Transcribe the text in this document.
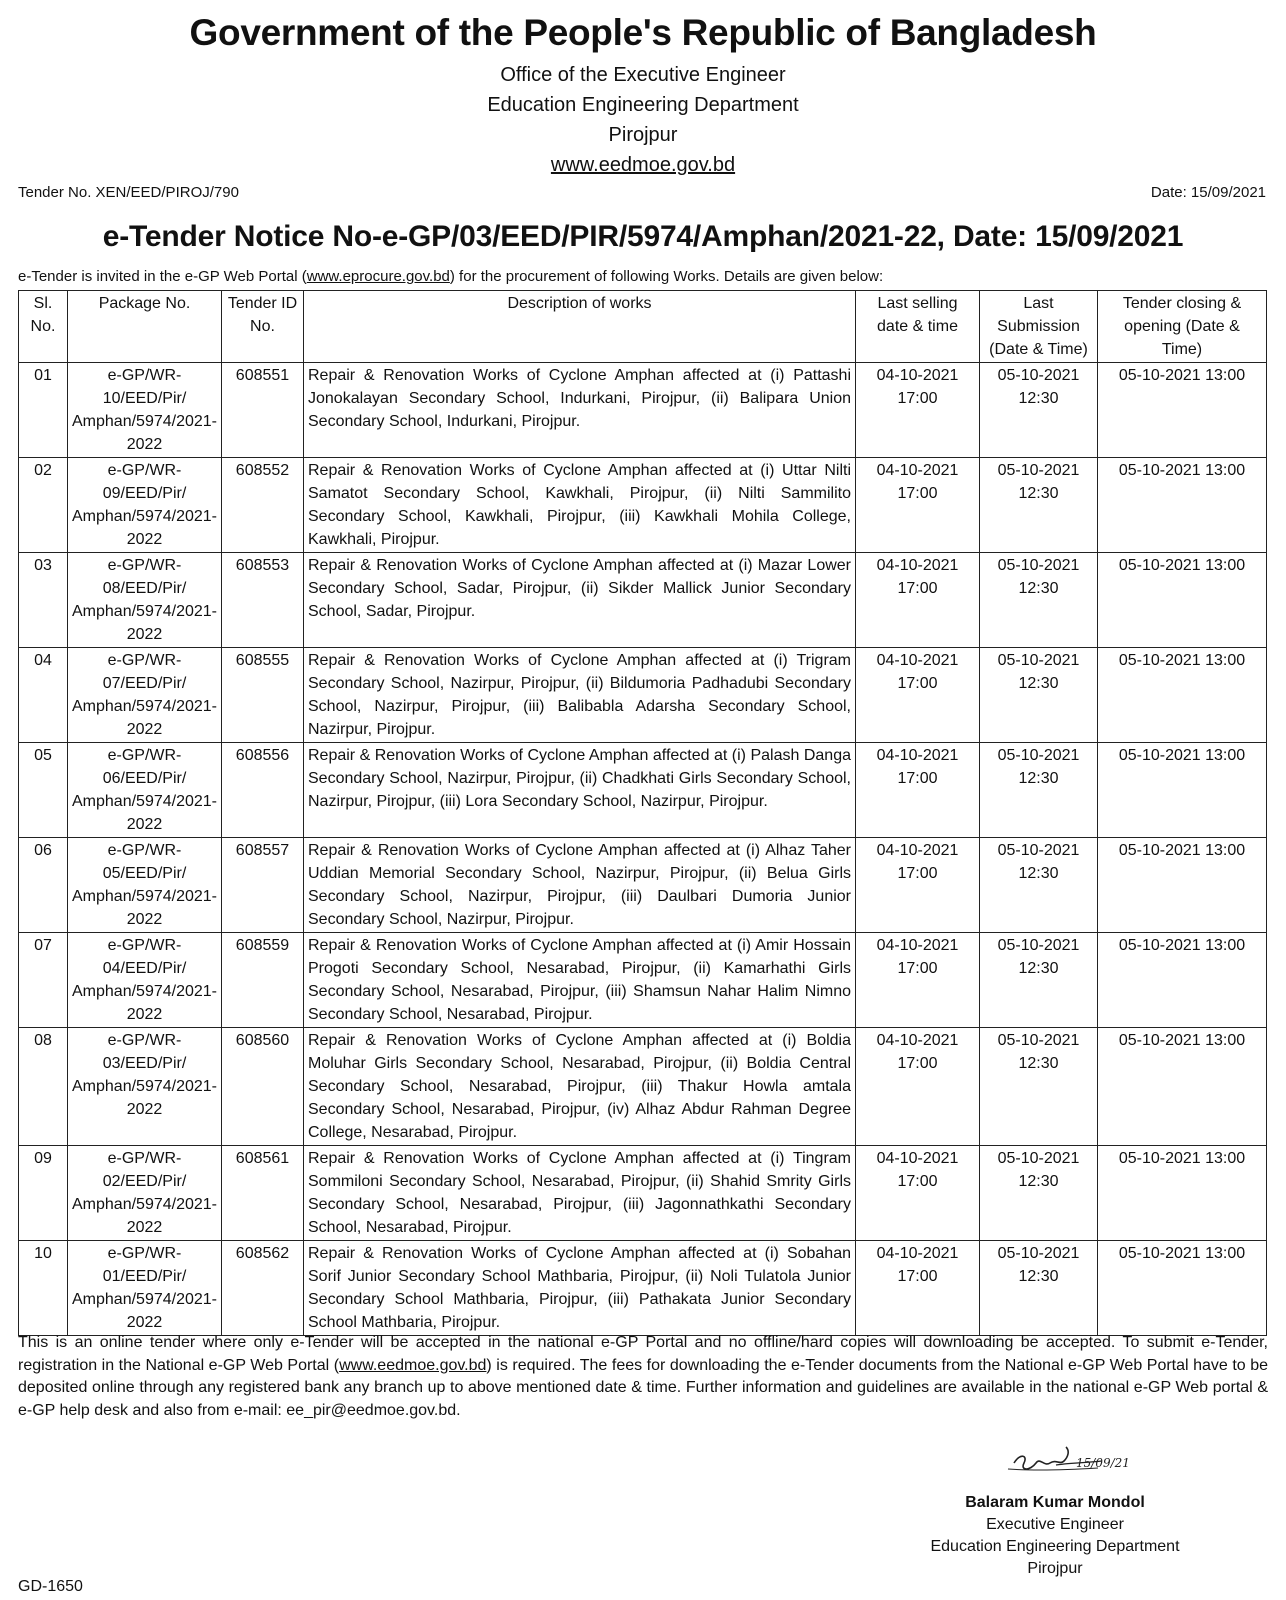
Government of the People's Republic of Bangladesh
Office of the Executive Engineer
Education Engineering Department
Pirojpur
www.eedmoe.gov.bd
Tender No. XEN/EED/PIROJ/790	Date: 15/09/2021
e-Tender Notice No-e-GP/03/EED/PIR/5974/Amphan/2021-22, Date: 15/09/2021
e-Tender is invited in the e-GP Web Portal (www.eprocure.gov.bd) for the procurement of following Works. Details are given below:
Sl. No.	Package No.	Tender ID No.	Description of works	Last selling date & time	Last Submission (Date & Time)	Tender closing & opening (Date & Time)
01	e-GP/WR-10/EED/Pir/ Amphan/5974/2021-2022	608551	Repair & Renovation Works of Cyclone Amphan affected at (i) Pattashi Jonokalayan Secondary School, Indurkani, Pirojpur, (ii) Balipara Union Secondary School, Indurkani, Pirojpur.	04-10-2021 17:00	05-10-2021 12:30	05-10-2021 13:00
02	e-GP/WR-09/EED/Pir/ Amphan/5974/2021-2022	608552	Repair & Renovation Works of Cyclone Amphan affected at (i) Uttar Nilti Samatot Secondary School, Kawkhali, Pirojpur, (ii) Nilti Sammilito Secondary School, Kawkhali, Pirojpur, (iii) Kawkhali Mohila College, Kawkhali, Pirojpur.	04-10-2021 17:00	05-10-2021 12:30	05-10-2021 13:00
03	e-GP/WR-08/EED/Pir/ Amphan/5974/2021-2022	608553	Repair & Renovation Works of Cyclone Amphan affected at (i) Mazar Lower Secondary School, Sadar, Pirojpur, (ii) Sikder Mallick Junior Secondary School, Sadar, Pirojpur.	04-10-2021 17:00	05-10-2021 12:30	05-10-2021 13:00
04	e-GP/WR-07/EED/Pir/ Amphan/5974/2021-2022	608555	Repair & Renovation Works of Cyclone Amphan affected at (i) Trigram Secondary School, Nazirpur, Pirojpur, (ii) Bildumoria Padhadubi Secondary School, Nazirpur, Pirojpur, (iii) Balibabla Adarsha Secondary School, Nazirpur, Pirojpur.	04-10-2021 17:00	05-10-2021 12:30	05-10-2021 13:00
05	e-GP/WR-06/EED/Pir/ Amphan/5974/2021-2022	608556	Repair & Renovation Works of Cyclone Amphan affected at (i) Palash Danga Secondary School, Nazirpur, Pirojpur, (ii) Chadkhati Girls Secondary School, Nazirpur, Pirojpur, (iii) Lora Secondary School, Nazirpur, Pirojpur.	04-10-2021 17:00	05-10-2021 12:30	05-10-2021 13:00
06	e-GP/WR-05/EED/Pir/ Amphan/5974/2021-2022	608557	Repair & Renovation Works of Cyclone Amphan affected at (i) Alhaz Taher Uddian Memorial Secondary School, Nazirpur, Pirojpur, (ii) Belua Girls Secondary School, Nazirpur, Pirojpur, (iii) Daulbari Dumoria Junior Secondary School, Nazirpur, Pirojpur.	04-10-2021 17:00	05-10-2021 12:30	05-10-2021 13:00
07	e-GP/WR-04/EED/Pir/ Amphan/5974/2021-2022	608559	Repair & Renovation Works of Cyclone Amphan affected at (i) Amir Hossain Progoti Secondary School, Nesarabad, Pirojpur, (ii) Kamarhathi Girls Secondary School, Nesarabad, Pirojpur, (iii) Shamsun Nahar Halim Nimno Secondary School, Nesarabad, Pirojpur.	04-10-2021 17:00	05-10-2021 12:30	05-10-2021 13:00
08	e-GP/WR-03/EED/Pir/ Amphan/5974/2021-2022	608560	Repair & Renovation Works of Cyclone Amphan affected at (i) Boldia Moluhar Girls Secondary School, Nesarabad, Pirojpur, (ii) Boldia Central Secondary School, Nesarabad, Pirojpur, (iii) Thakur Howla amtala Secondary School, Nesarabad, Pirojpur, (iv) Alhaz Abdur Rahman Degree College, Nesarabad, Pirojpur.	04-10-2021 17:00	05-10-2021 12:30	05-10-2021 13:00
09	e-GP/WR-02/EED/Pir/ Amphan/5974/2021-2022	608561	Repair & Renovation Works of Cyclone Amphan affected at (i) Tingram Sommiloni Secondary School, Nesarabad, Pirojpur, (ii) Shahid Smrity Girls Secondary School, Nesarabad, Pirojpur, (iii) Jagonnathkathi Secondary School, Nesarabad, Pirojpur.	04-10-2021 17:00	05-10-2021 12:30	05-10-2021 13:00
10	e-GP/WR-01/EED/Pir/ Amphan/5974/2021-2022	608562	Repair & Renovation Works of Cyclone Amphan affected at (i) Sobahan Sorif Junior Secondary School Mathbaria, Pirojpur, (ii) Noli Tulatola Junior Secondary School Mathbaria, Pirojpur, (iii) Pathakata Junior Secondary School Mathbaria, Pirojpur.	04-10-2021 17:00	05-10-2021 12:30	05-10-2021 13:00
This is an online tender where only e-Tender will be accepted in the national e-GP Portal and no offline/hard copies will downloading be accepted. To submit e-Tender, registration in the National e-GP Web Portal (www.eedmoe.gov.bd) is required. The fees for downloading the e-Tender documents from the National e-GP Web Portal have to be deposited online through any registered bank any branch up to above mentioned date & time. Further information and guidelines are available in the national e-GP Web portal & e-GP help desk and also from e-mail: ee_pir@eedmoe.gov.bd.
15/09/21
Balaram Kumar Mondol
Executive Engineer
Education Engineering Department
Pirojpur
GD-1650
